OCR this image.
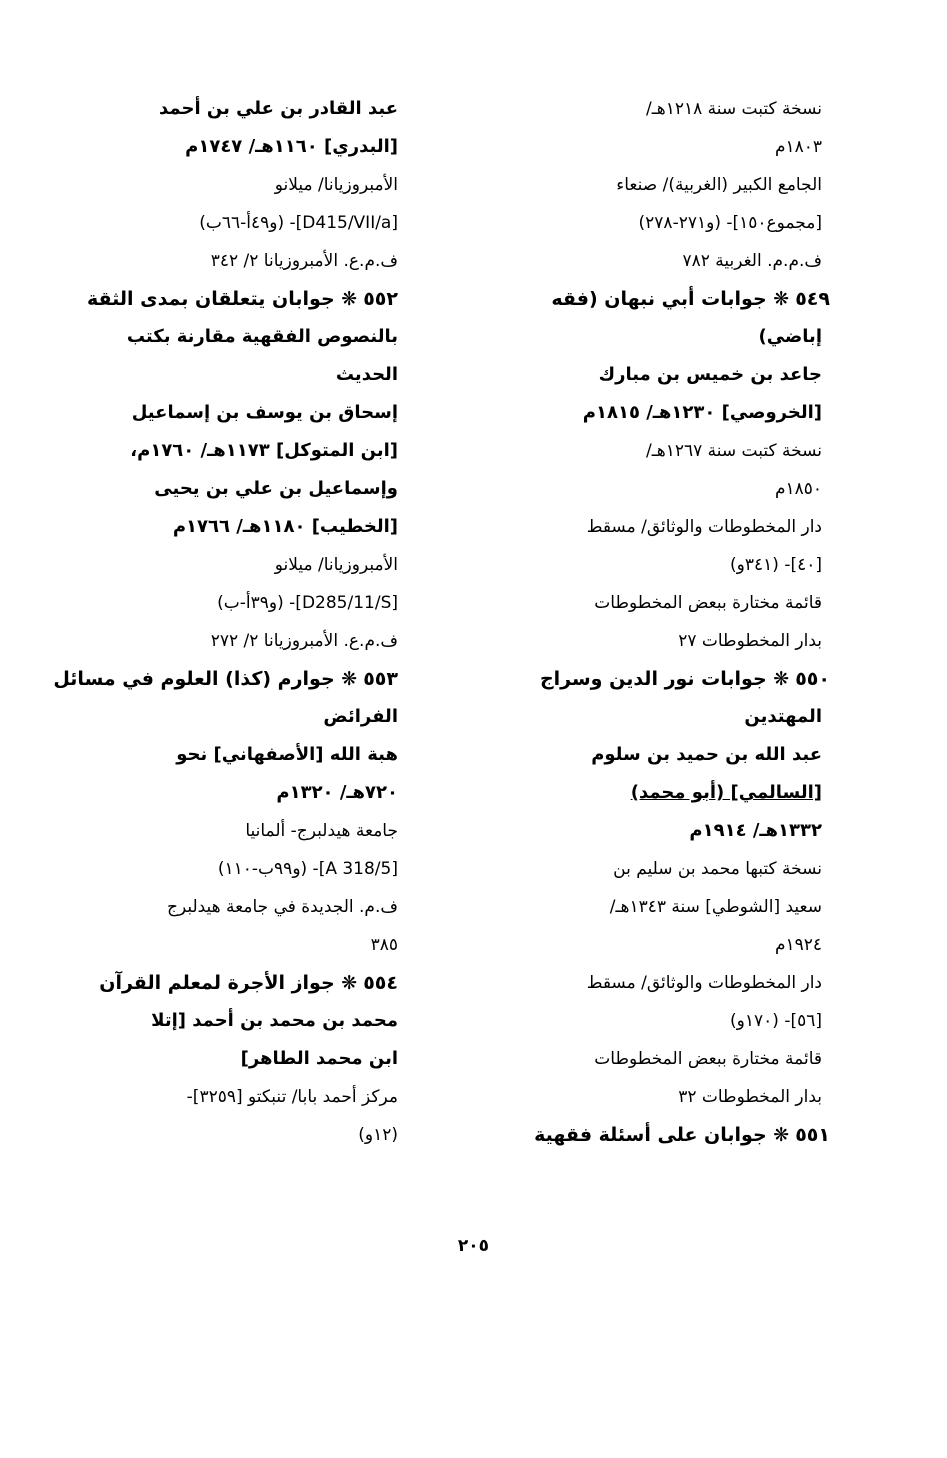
نسخة كتبت سنة ١٢١٨هـ/
١٨٠٣م
الجامع الكبير (الغربية)/ صنعاء
[مجموع١٥٠]- (و٢٧١-٢٧٨)
ف.م.م. الغربية ٧٨٢
٥٤٩❋ جوابات أبي نبهان (فقه
إباضي)
جاعد بن خميس بن مبارك
[الخروصي] ١٢٣٠هـ/ ١٨١٥م
نسخة كتبت سنة ١٢٦٧هـ/
١٨٥٠م
دار المخطوطات والوثائق/ مسقط
[٤٠]- (٣٤١و)
قائمة مختارة ببعض المخطوطات
بدار المخطوطات ٢٧
٥٥٠❋ جوابات نور الدين وسراج
المهتدين
عبد الله بن حميد بن سلوم
[السالمي] (أبو محمد)
١٣٣٢هـ/ ١٩١٤م
نسخة كتبها محمد بن سليم بن
سعيد [الشوطي] سنة ١٣٤٣هـ/
١٩٢٤م
دار المخطوطات والوثائق/ مسقط
[٥٦]- (١٧٠و)
قائمة مختارة ببعض المخطوطات
بدار المخطوطات ٣٢
٥٥١❋ جوابان على أسئلة فقهية
عبد القادر بن علي بن أحمد
[البدري] ١١٦٠هـ/ ١٧٤٧م
الأمبروزيانا/ ميلانو
[D415/VII/a]- (و٤٩أ-٦٦ب)
ف.م.ع. الأمبروزيانا ٢/ ٣٤٢
٥٥٢❋ جوابان يتعلقان بمدى الثقة
بالنصوص الفقهية مقارنة بكتب
الحديث
إسحاق بن يوسف بن إسماعيل
[ابن المتوكل] ١١٧٣هـ/ ١٧٦٠م،
وإسماعيل بن علي بن يحيى
[الخطيب] ١١٨٠هـ/ ١٧٦٦م
الأمبروزيانا/ ميلانو
[D285/11/S]- (و٣٩أ-ب)
ف.م.ع. الأمبروزيانا ٢/ ٢٧٢
٥٥٣❋ جوارم (كذا) العلوم في مسائل
الفرائض
هبة الله [الأصفهاني] نحو
٧٢٠هـ/ ١٣٢٠م
جامعة هيدلبرج- ألمانيا
[A 318/5]- (و٩٩ب-١١٠)
ف.م. الجديدة في جامعة هيدلبرج
٣٨٥
٥٥٤❋ جواز الأجرة لمعلم القرآن
محمد بن محمد بن أحمد [إتلا
ابن محمد الطاهر]
مركز أحمد بابا/ تنبكتو [٣٢٥٩]-
(١٢و)
٢٠٥
